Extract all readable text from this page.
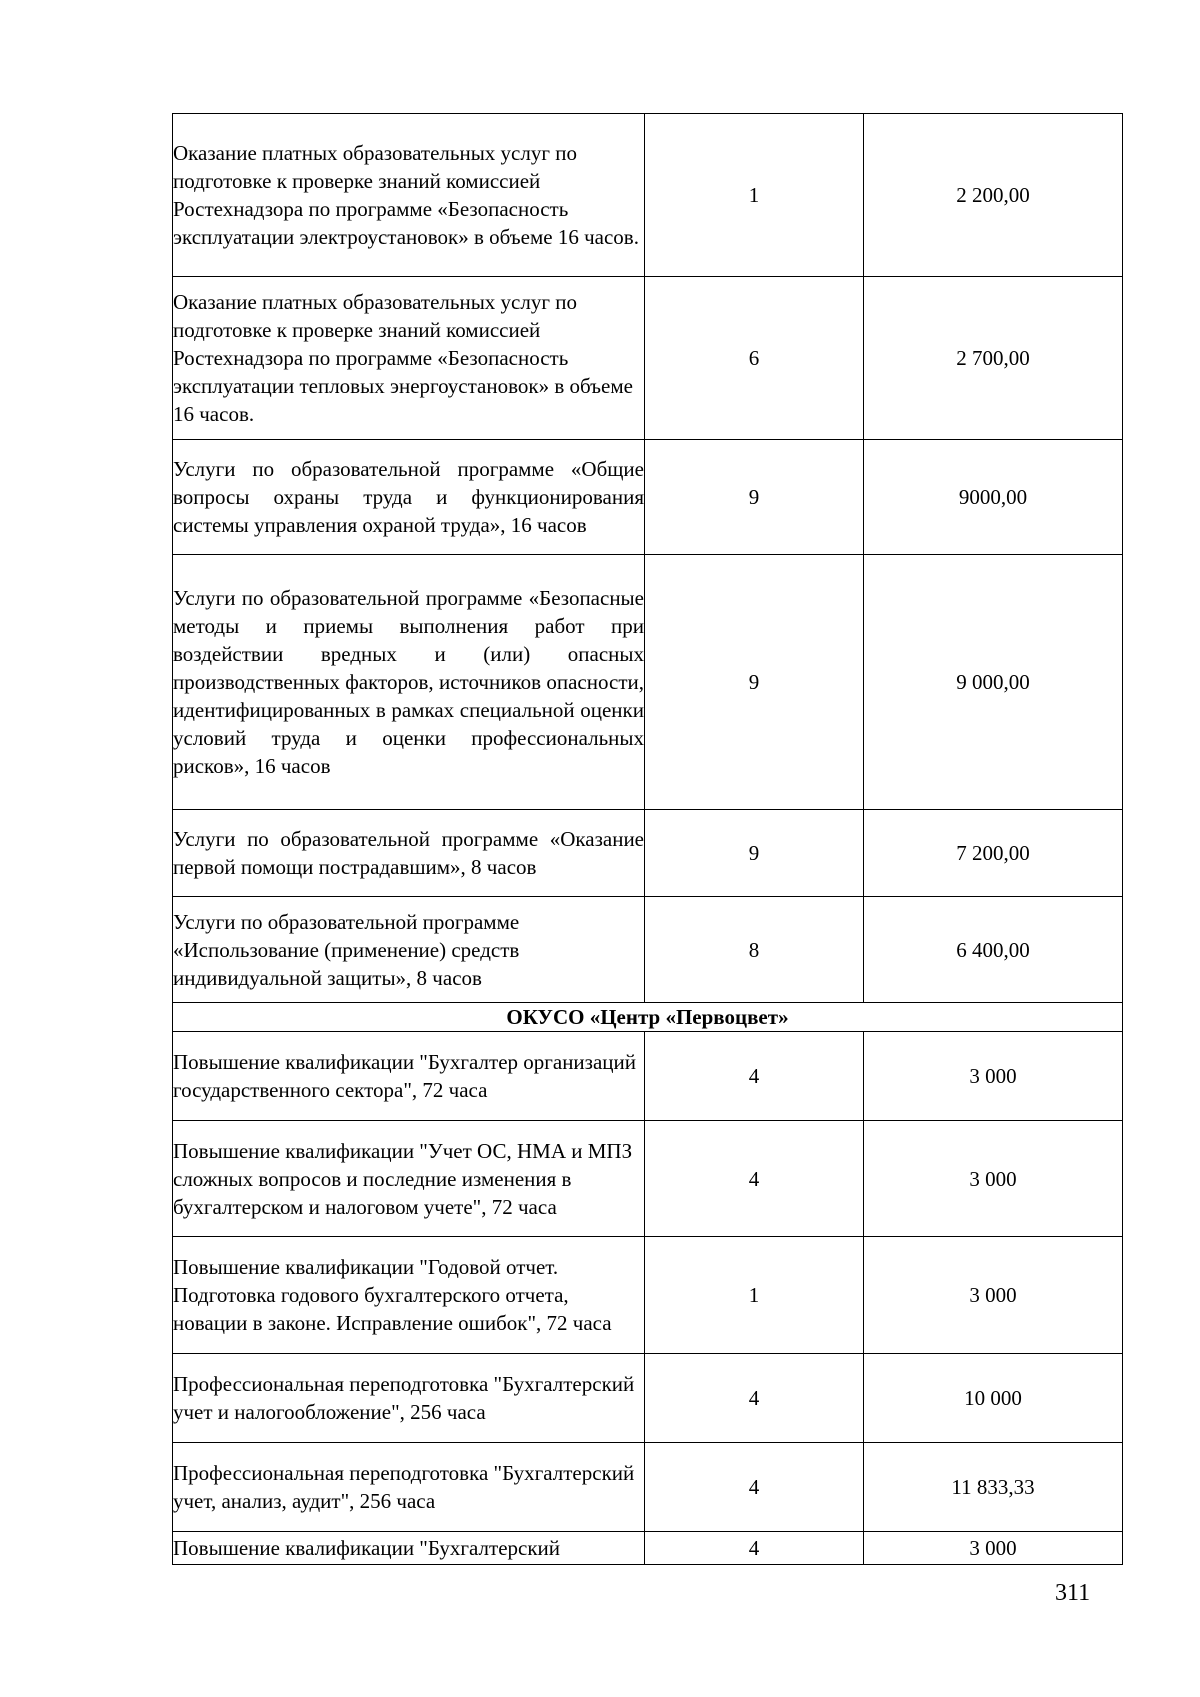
Оказание платных образовательных услуг по подготовке к проверке знаний комиссией Ростехнадзора по программе «Безопасность эксплуатации электроустановок» в объеме 16 часов.	1	2 200,00
Оказание платных образовательных услуг по подготовке к проверке знаний комиссией Ростехнадзора по программе «Безопасность эксплуатации тепловых энергоустановок» в объеме 16 часов.	6	2 700,00
Услуги по образовательной программе «Общие вопросы охраны труда и функционирования системы управления охраной труда», 16 часов	9	9000,00
Услуги по образовательной программе «Безопасные методы и приемы выполнения работ при воздействии вредных и (или) опасных производственных факторов, источников опасности, идентифицированных в рамках специальной оценки условий труда и оценки профессиональных рисков», 16 часов	9	9 000,00
Услуги по образовательной программе «Оказание первой помощи пострадавшим», 8 часов	9	7 200,00
Услуги по образовательной программе «Использование (применение) средств индивидуальной защиты», 8 часов	8	6 400,00
ОКУСО «Центр «Первоцвет»		
Повышение квалификации "Бухгалтер организаций государственного сектора", 72 часа	4	3 000
Повышение квалификации "Учет ОС, НМА и МПЗ сложных вопросов и последние изменения в бухгалтерском и налоговом учете", 72 часа	4	3 000
Повышение квалификации "Годовой отчет. Подготовка годового бухгалтерского отчета, новации в законе. Исправление ошибок", 72 часа	1	3 000
Профессиональная переподготовка "Бухгалтерский учет и налогообложение", 256 часа	4	10 000
Профессиональная переподготовка "Бухгалтерский учет, анализ, аудит", 256 часа	4	11 833,33
Повышение квалификации "Бухгалтерский	4	3 000
311
